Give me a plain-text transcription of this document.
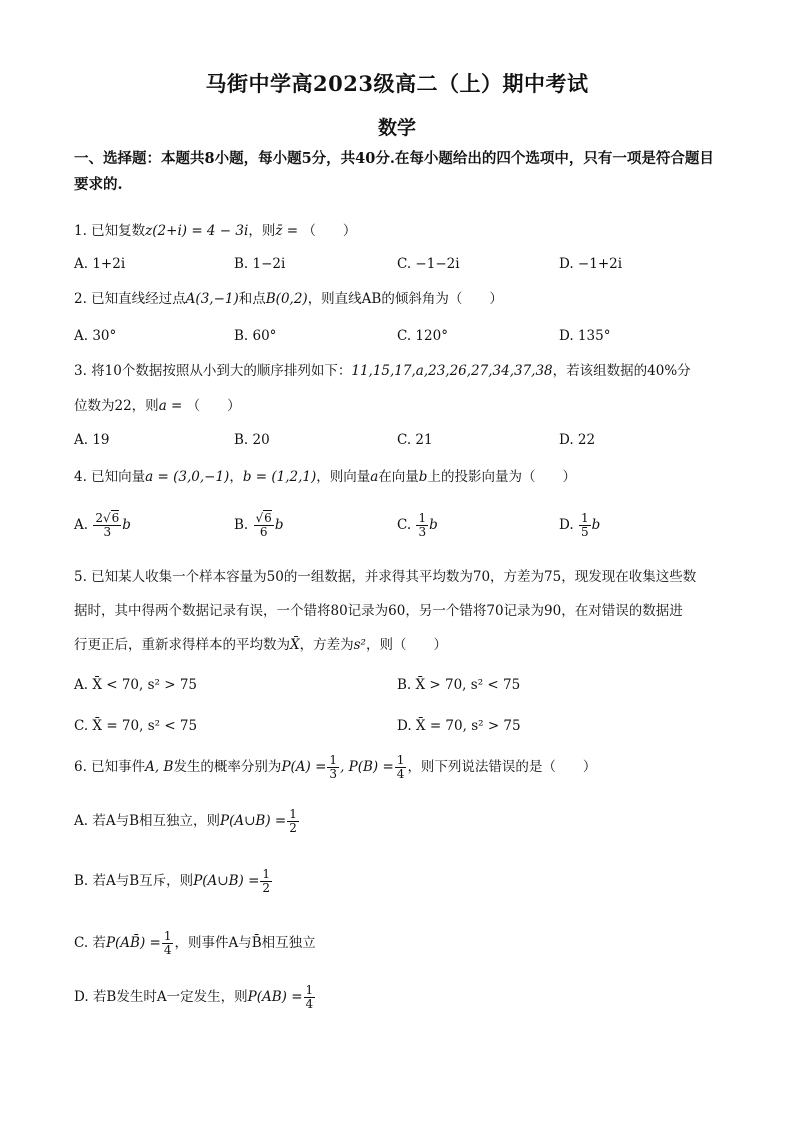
马街中学高2023级高二（上）期中考试
数学
一、选择题：本题共8小题，每小题5分，共40分.在每小题给出的四个选项中，只有一项是符合题目要求的.
1. 已知复数z(2+i) = 4 − 3i，则z̄ = （　　）
A. 1+2i	B. 1−2i	C. −1−2i	D. −1+2i
2. 已知直线经过点A(3,−1)和点B(0,2)，则直线AB的倾斜角为（　　）
A. 30°	B. 60°	C. 120°	D. 135°
3. 将10个数据按照从小到大的顺序排列如下：11,15,17,a,23,26,27,34,37,38，若该组数据的40%分
位数为22，则a = （　　）
A. 19	B. 20	C. 21	D. 22
4. 已知向量a = (3,0,−1)，b = (1,2,1)，则向量a在向量b上的投影向量为（　　）
A. $\frac{2√6}{3}$ b	B. $\frac{√6}{6}$ b	C. $\frac{1}{3}$ b	D. $\frac{1}{5}$ b
5. 已知某人收集一个样本容量为50的一组数据，并求得其平均数为70，方差为75，现发现在收集这些数
据时，其中得两个数据记录有误，一个错将80记录为60，另一个错将70记录为90，在对错误的数据进
行更正后，重新求得样本的平均数为X̄，方差为s²，则（　　）
A. X̄ < 70, s² > 75	B. X̄ > 70, s² < 75
C. X̄ = 70, s² < 75	D. X̄ = 70, s² > 75
6. 已知事件A, B发生的概率分别为$P(A) = \frac{1}{3}$ , $P(B) = \frac{1}{4}$ ，则下列说法错误的是（　　）
A. 若A与B相互独立，则P(A∪B) = $\frac{1}{2}$
B. 若A与B互斥，则P(A∪B) = $\frac{1}{2}$
C. 若P(AB̄) = $\frac{1}{4}$ ，则事件A与B̄相互独立
D. 若B发生时A一定发生，则$P(AB) = \frac{1}{4}$
